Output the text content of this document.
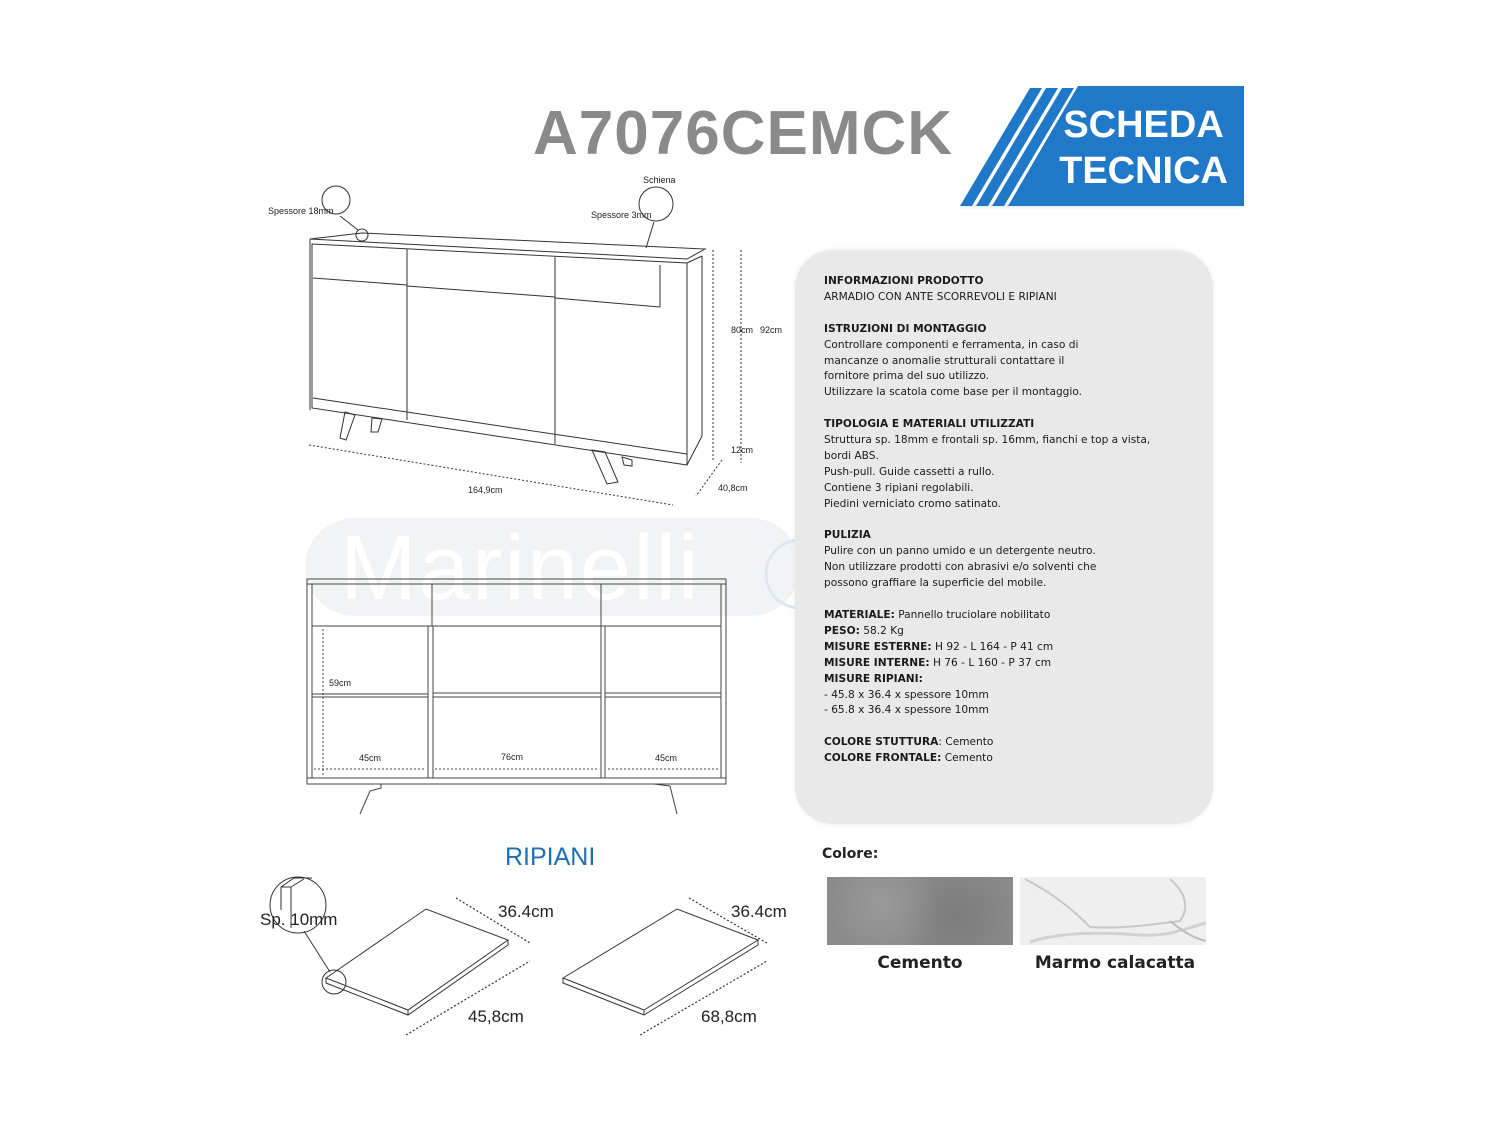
A7076CEMCK	SCHEDA
TECNICA
Spessore 18mm
Schiena
Spessore 3mm
80cm 92cm
12cm
164,9cm	40,8cm
Marinelli
59cm
45cm	76cm	45cm
INFORMAZIONI PRODOTTO
ARMADIO CON ANTE SCORREVOLI E RIPIANI
ISTRUZIONI DI MONTAGGIO
Controllare componenti e ferramenta, in caso di
mancanze o anomalie strutturali contattare il
fornitore prima del suo utilizzo.
Utilizzare la scatola come base per il montaggio.
TIPOLOGIA E MATERIALI UTILIZZATI
Struttura sp. 18mm e frontali sp. 16mm, fianchi e top a vista,
bordi ABS.
Push-pull. Guide cassetti a rullo.
Contiene 3 ripiani regolabili.
Piedini verniciato cromo satinato.
PULIZIA
Pulire con un panno umido e un detergente neutro.
Non utilizzare prodotti con abrasivi e/o solventi che
possono graffiare la superficie del mobile.
MATERIALE: Pannello truciolare nobilitato
PESO: 58.2 Kg
MISURE ESTERNE: H 92 - L 164 - P 41 cm
MISURE INTERNE: H 76 - L 160 - P 37 cm
MISURE RIPIANI:
- 45.8 x 36.4 x spessore 10mm
- 65.8 x 36.4 x spessore 10mm
COLORE STUTTURA: Cemento
COLORE FRONTALE: Cemento
RIPIANI
Sp. 10mm	36.4cm
45,8cm
36.4cm
68,8cm
Colore:
Cemento	Marmo calacatta
